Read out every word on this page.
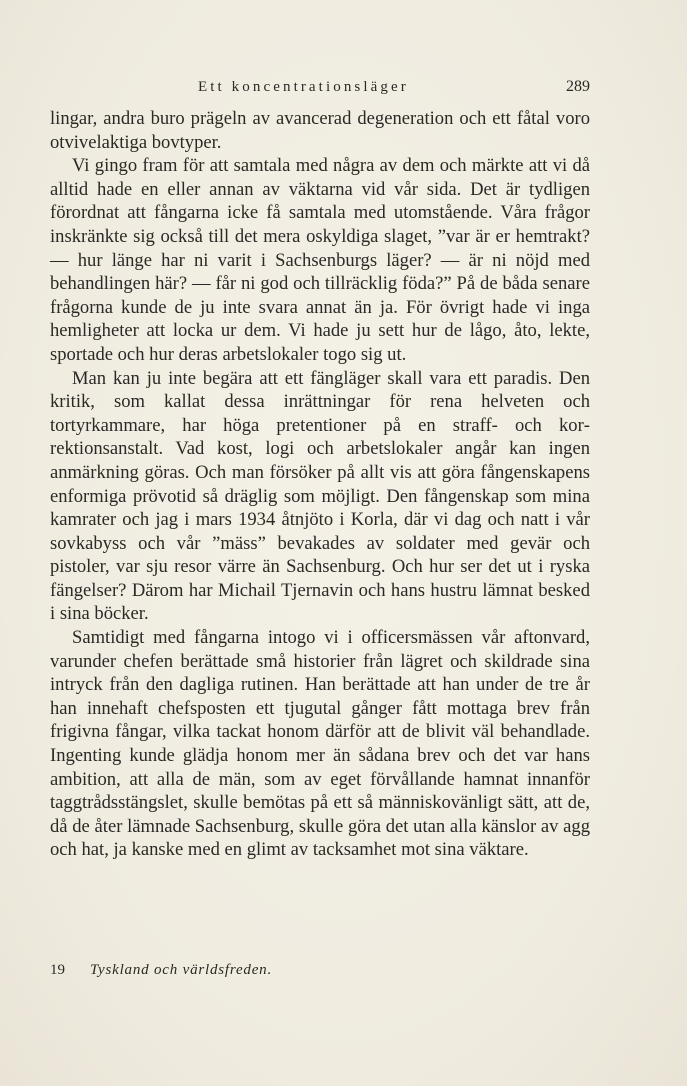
Ett koncentrationsläger	289

lingar, andra buro prägeln av avancerad degeneration och ett fåtal voro otvivelaktiga bovtyper.

Vi gingo fram för att samtala med några av dem och märkte att vi då alltid hade en eller annan av väktarna vid vår sida. Det är tydligen förordnat att fångarna icke få samtala med utomstående. Våra frågor inskränkte sig också till det mera oskyldiga slaget, ”var är er hemtrakt? — hur länge har ni varit i Sachsenburgs läger? — är ni nöjd med behandlingen här? — får ni god och tillräcklig föda?” På de båda senare frågorna kunde de ju inte svara annat än ja. För övrigt hade vi inga hemligheter att locka ur dem. Vi hade ju sett hur de lågo, åto, lekte, sportade och hur deras arbetslokaler togo sig ut.

Man kan ju inte begära att ett fängläger skall vara ett paradis. Den kritik, som kallat dessa inrättningar för rena helveten och tortyrkammare, har höga pretentioner på en straff- och korrektionsanstalt. Vad kost, logi och arbetslokaler angår kan ingen anmärkning göras. Och man försöker på allt vis att göra fångenskapens enformiga prövotid så dräglig som möjligt. Den fångenskap som mina kamrater och jag i mars 1934 åtnjöto i Korla, där vi dag och natt i vår sovkabyss och vår ”mäss” bevakades av soldater med gevär och pistoler, var sju resor värre än Sachsenburg. Och hur ser det ut i ryska fängelser? Därom har Michail Tjernavin och hans hustru lämnat besked i sina böcker.

Samtidigt med fångarna intogo vi i officersmässen vår aftonvard, varunder chefen berättade små historier från lägret och skildrade sina intryck från den dagliga rutinen. Han berättade att han under de tre år han innehaft chefsposten ett tjugutal gånger fått mottaga brev från frigivna fångar, vilka tackat honom därför att de blivit väl behandlade. Ingenting kunde glädja honom mer än sådana brev och det var hans ambition, att alla de män, som av eget förvållande hamnat innanför taggtrådsstängslet, skulle bemötas på ett så människovänligt sätt, att de, då de åter lämnade Sachsenburg, skulle göra det utan alla känslor av agg och hat, ja kanske med en glimt av tacksamhet mot sina väktare.

19 Tyskland och världsfreden.
